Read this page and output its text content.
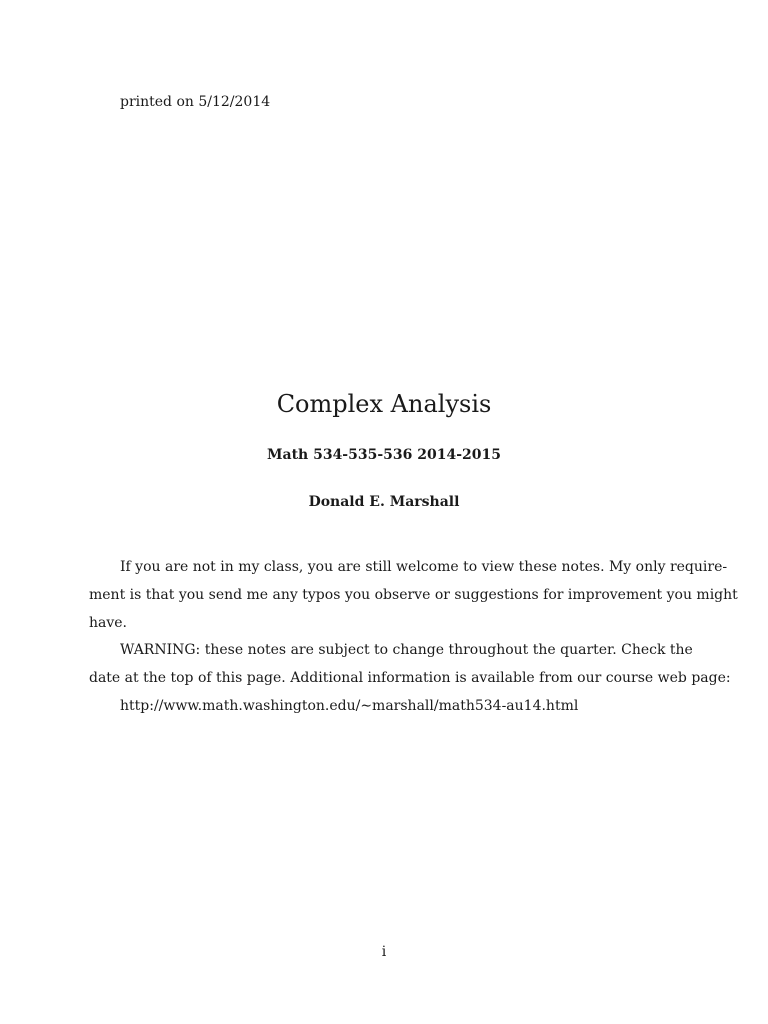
printed on 5/12/2014
Complex Analysis
Math 534-535-536 2014-2015
Donald E. Marshall
If you are not in my class, you are still welcome to view these notes. My only require-
ment is that you send me any typos you observe or suggestions for improvement you might
have.
WARNING: these notes are subject to change throughout the quarter. Check the
date at the top of this page. Additional information is available from our course web page:
http://www.math.washington.edu/∼marshall/math534-au14.html
i
